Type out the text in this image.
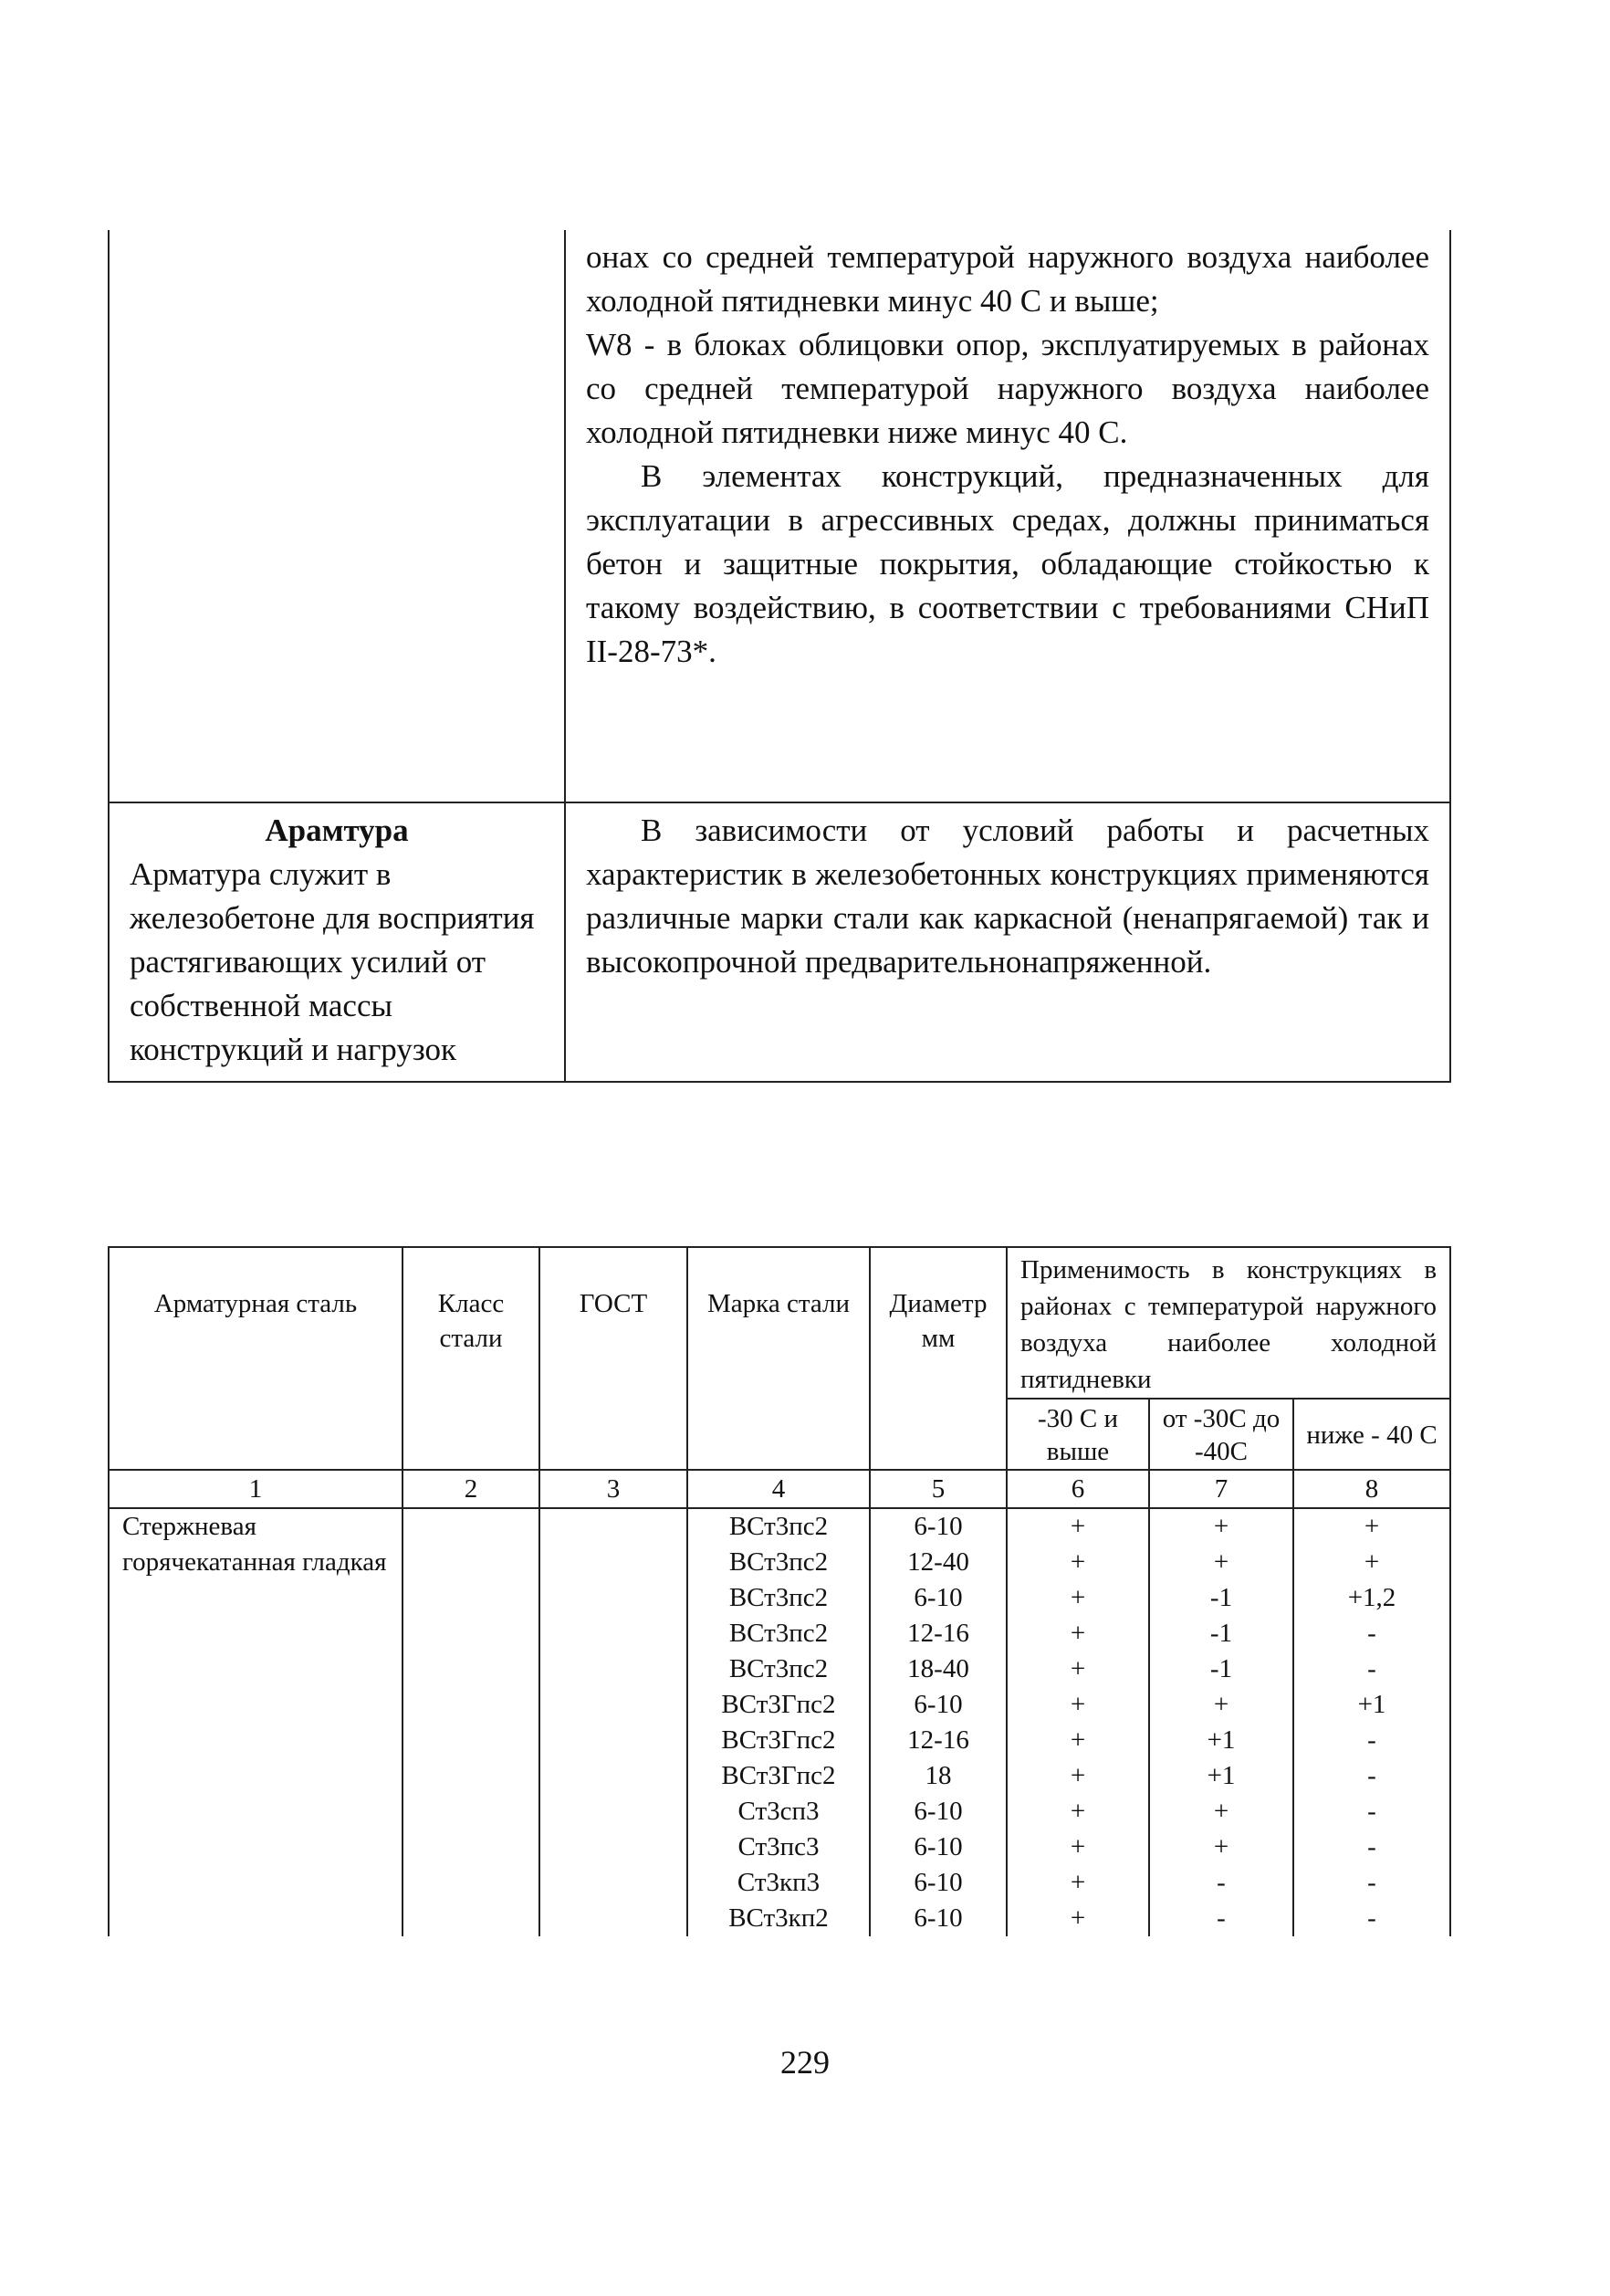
	онах со средней температурой наружного воздуха наиболее холодной пятидневки минус 40 С и выше;

W8 - в блоках облицовки опор, эксплуатируемых в районах со средней температурой наружного воздуха наиболее холодной пятидневки ниже минус 40 С.

В элементах конструкций, предназначенных для эксплуатации в агрессивных средах, должны приниматься бетон и защитные покрытия, обладающие стойкостью к такому воздействию, в соответствии с требованиями СНиП II-28-73*.

Арамтура

Арматура служит в железобетоне для восприятия растягивающих усилий от собственной массы конструкций и нагрузок	В зависимости от условий работы и расчетных характеристик в железобетонных конструкциях применяются различные марки стали как каркасной (ненапрягаемой) так и высокопрочной предварительнонапряженной.

Арматурная сталь	Класс стали	ГОСТ	Марка стали	Диаметр мм	Применимость в конструкциях в районах с температурой наружного воздуха наиболее холодной пятидневки		
					-30 С и выше	от -30С до -40С	ниже - 40 С
1	2	3	4	5	6	7	8
Стержневая горячекатанная гладкая			ВСт3пс2	6-10	+	+	+
			ВСт3пс2	12-40	+	+	+
			ВСт3пс2	6-10	+	-1	+1,2
			ВСт3пс2	12-16	+	-1	-
			ВСт3пс2	18-40	+	-1	-
			ВСт3Гпс2	6-10	+	+	+1
			ВСт3Гпс2	12-16	+	+1	-
			ВСт3Гпс2	18	+	+1	-
			Ст3сп3	6-10	+	+	-
			Ст3пс3	6-10	+	+	-
			Ст3кп3	6-10	+	-	-
			ВСт3кп2	6-10	+	-	-
229
